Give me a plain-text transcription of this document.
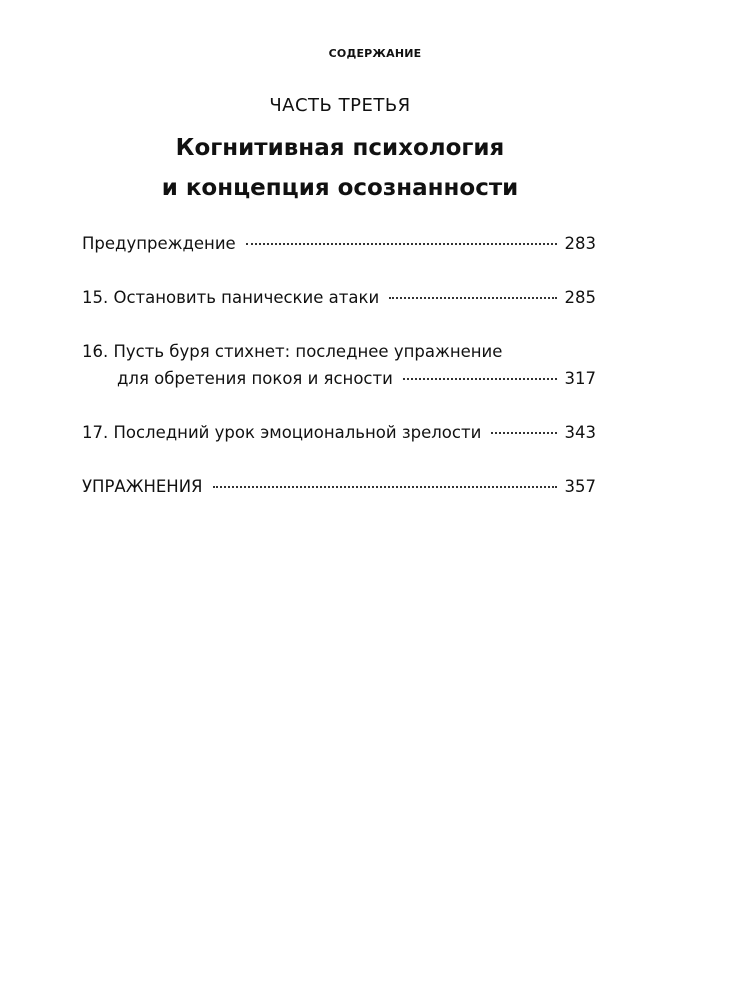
СОДЕРЖАНИЕ
ЧАСТЬ ТРЕТЬЯ
Когнитивная психология
и концепция осознанности
Предупреждение	283
15. Остановить панические атаки	285
16. Пусть буря стихнет: последнее упражнение
для обретения покоя и ясности	317
17. Последний урок эмоциональной зрелости	343
УПРАЖНЕНИЯ	357
